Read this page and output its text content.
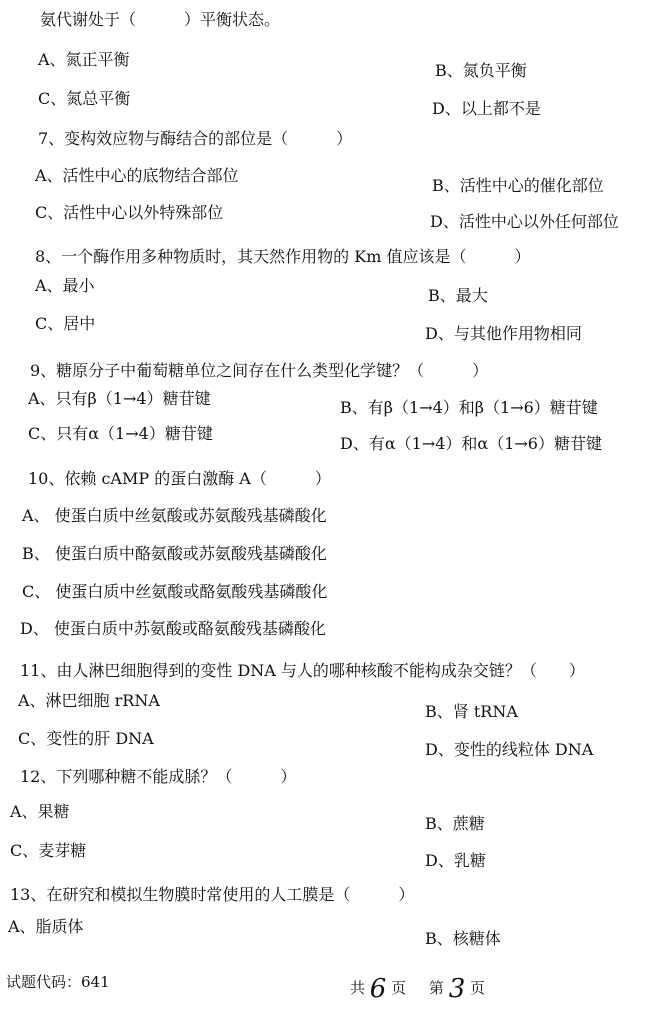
氨代谢处于（　　　）平衡状态。
A、氮正平衡
B、氮负平衡
C、氮总平衡
D、以上都不是
7、变构效应物与酶结合的部位是（　　　）
A、活性中心的底物结合部位
B、活性中心的催化部位
C、活性中心以外特殊部位	D、活性中心以外任何部位
8、一个酶作用多种物质时，其天然作用物的 Km 值应该是（　　　）
A、最小
B、最大
C、居中
D、与其他作用物相同
9、糖原分子中葡萄糖单位之间存在什么类型化学键？（　　　）
A、只有β（1→4）糖苷键	B、有β（1→4）和β（1→6）糖苷键
C、只有α（1→4）糖苷键
D、有α（1→4）和α（1→6）糖苷键
10、依赖 cAMP 的蛋白激酶 A（　　　）
A、 使蛋白质中丝氨酸或苏氨酸残基磷酸化
B、 使蛋白质中酪氨酸或苏氨酸残基磷酸化
C、 使蛋白质中丝氨酸或酪氨酸残基磷酸化
D、 使蛋白质中苏氨酸或酪氨酸残基磷酸化
11、由人淋巴细胞得到的变性 DNA 与人的哪种核酸不能构成杂交链？（　　）
A、淋巴细胞 rRNA
B、肾 tRNA
C、变性的肝 DNA
D、变性的线粒体 DNA
12、下列哪种糖不能成脎？（　　　）
A、果糖
B、蔗糖
C、麦芽糖
D、乳糖
13、在研究和模拟生物膜时常使用的人工膜是（　　　）
A、脂质体
B、核糖体
试题代码：641	共 6 页 第 3 页
